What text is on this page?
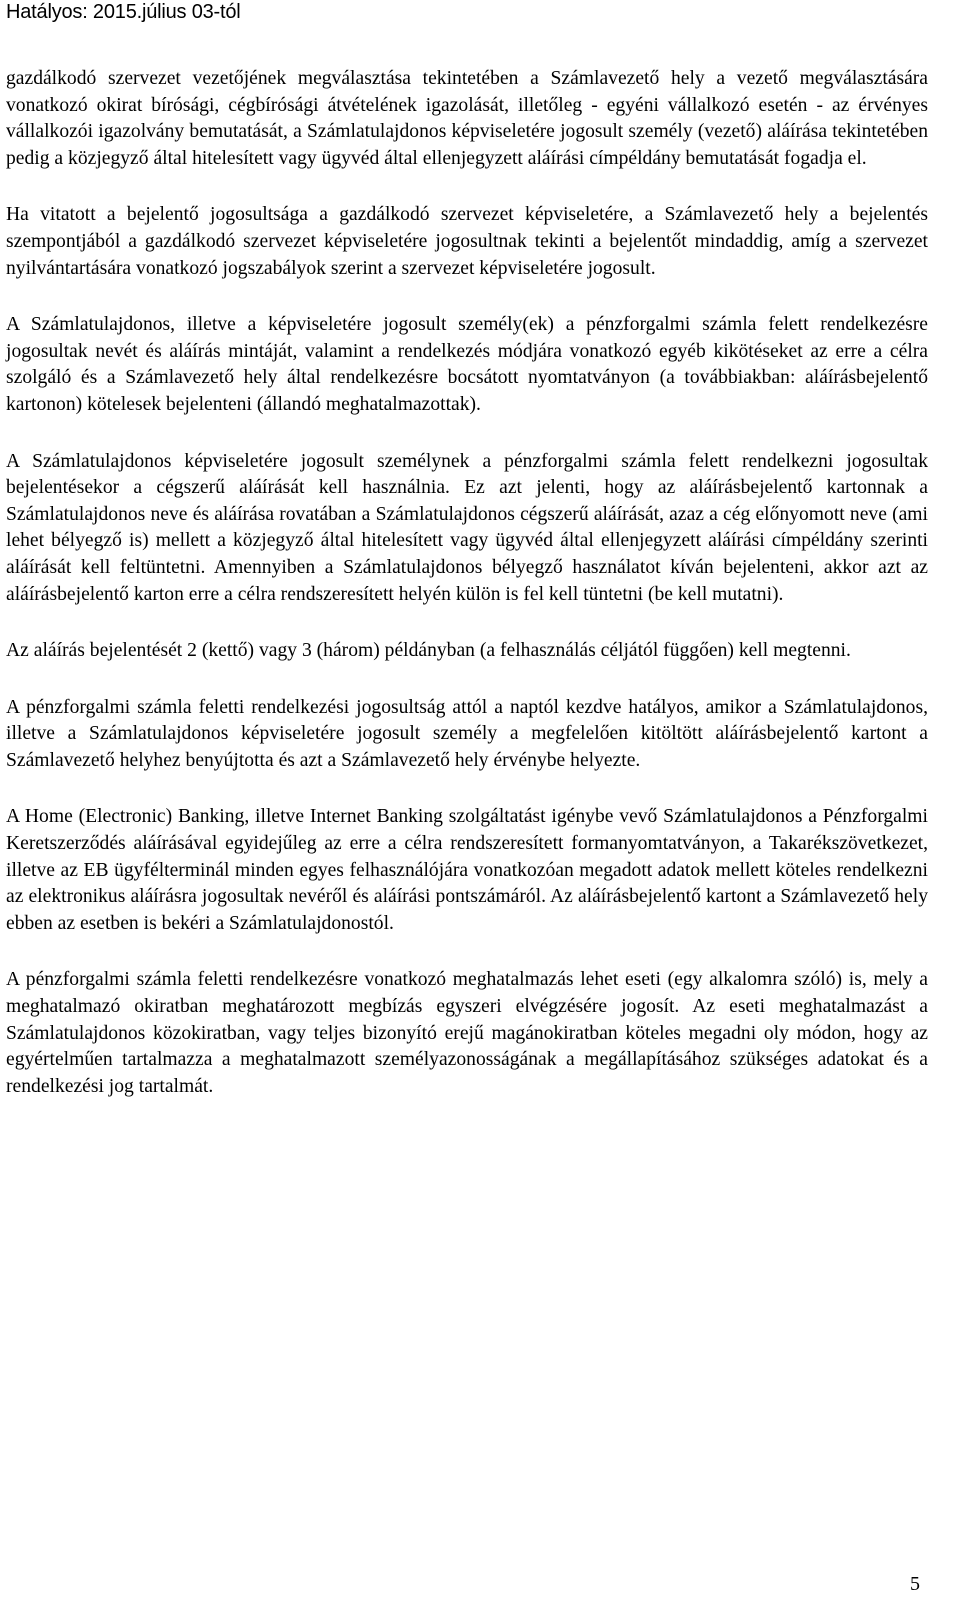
Hatályos: 2015.július 03-tól

gazdálkodó szervezet vezetőjének megválasztása tekintetében a Számlavezető hely a vezető megválasztására vonatkozó okirat bírósági, cégbírósági átvételének igazolását, illetőleg - egyéni vállalkozó esetén - az érvényes vállalkozói igazolvány bemutatását, a Számlatulajdonos képviseletére jogosult személy (vezető) aláírása tekintetében pedig a közjegyző által hitelesített vagy ügyvéd által ellenjegyzett aláírási címpéldány bemutatását fogadja el.

Ha vitatott a bejelentő jogosultsága a gazdálkodó szervezet képviseletére, a Számlavezető hely a bejelentés szempontjából a gazdálkodó szervezet képviseletére jogosultnak tekinti a bejelentőt mindaddig, amíg a szervezet nyilvántartására vonatkozó jogszabályok szerint a szervezet képviseletére jogosult.

A Számlatulajdonos, illetve a képviseletére jogosult személy(ek) a pénzforgalmi számla felett rendelkezésre jogosultak nevét és aláírás mintáját, valamint a rendelkezés módjára vonatkozó egyéb kikötéseket az erre a célra szolgáló és a Számlavezető hely által rendelkezésre bocsátott nyomtatványon (a továbbiakban: aláírásbejelentő kartonon) kötelesek bejelenteni (állandó meghatalmazottak).

A Számlatulajdonos képviseletére jogosult személynek a pénzforgalmi számla felett rendelkezni jogosultak bejelentésekor a cégszerű aláírását kell használnia. Ez azt jelenti, hogy az aláírásbejelentő kartonnak a Számlatulajdonos neve és aláírása rovatában a Számlatulajdonos cégszerű aláírását, azaz a cég előnyomott neve (ami lehet bélyegző is) mellett a közjegyző által hitelesített vagy ügyvéd által ellenjegyzett aláírási címpéldány szerinti aláírását kell feltüntetni. Amennyiben a Számlatulajdonos bélyegző használatot kíván bejelenteni, akkor azt az aláírásbejelentő karton erre a célra rendszeresített helyén külön is fel kell tüntetni (be kell mutatni).

Az aláírás bejelentését 2 (kettő) vagy 3 (három) példányban (a felhasználás céljától függően) kell megtenni.

A pénzforgalmi számla feletti rendelkezési jogosultság attól a naptól kezdve hatályos, amikor a Számlatulajdonos, illetve a Számlatulajdonos képviseletére jogosult személy a megfelelően kitöltött aláírásbejelentő kartont a Számlavezető helyhez benyújtotta és azt a Számlavezető hely érvénybe helyezte.

A Home (Electronic) Banking, illetve Internet Banking szolgáltatást igénybe vevő Számlatulajdonos a Pénzforgalmi Keretszerződés aláírásával egyidejűleg az erre a célra rendszeresített formanyomtatványon, a Takarékszövetkezet, illetve az EB ügyfélterminál minden egyes felhasználójára vonatkozóan megadott adatok mellett köteles rendelkezni az elektronikus aláírásra jogosultak nevéről és aláírási pontszámáról. Az aláírásbejelentő kartont a Számlavezető hely ebben az esetben is bekéri a Számlatulajdonostól.

A pénzforgalmi számla feletti rendelkezésre vonatkozó meghatalmazás lehet eseti (egy alkalomra szóló) is, mely a meghatalmazó okiratban meghatározott megbízás egyszeri elvégzésére jogosít. Az eseti meghatalmazást a Számlatulajdonos közokiratban, vagy teljes bizonyító erejű magánokiratban köteles megadni oly módon, hogy az egyértelműen tartalmazza a meghatalmazott személyazonosságának a megállapításához szükséges adatokat és a rendelkezési jog tartalmát.

5
